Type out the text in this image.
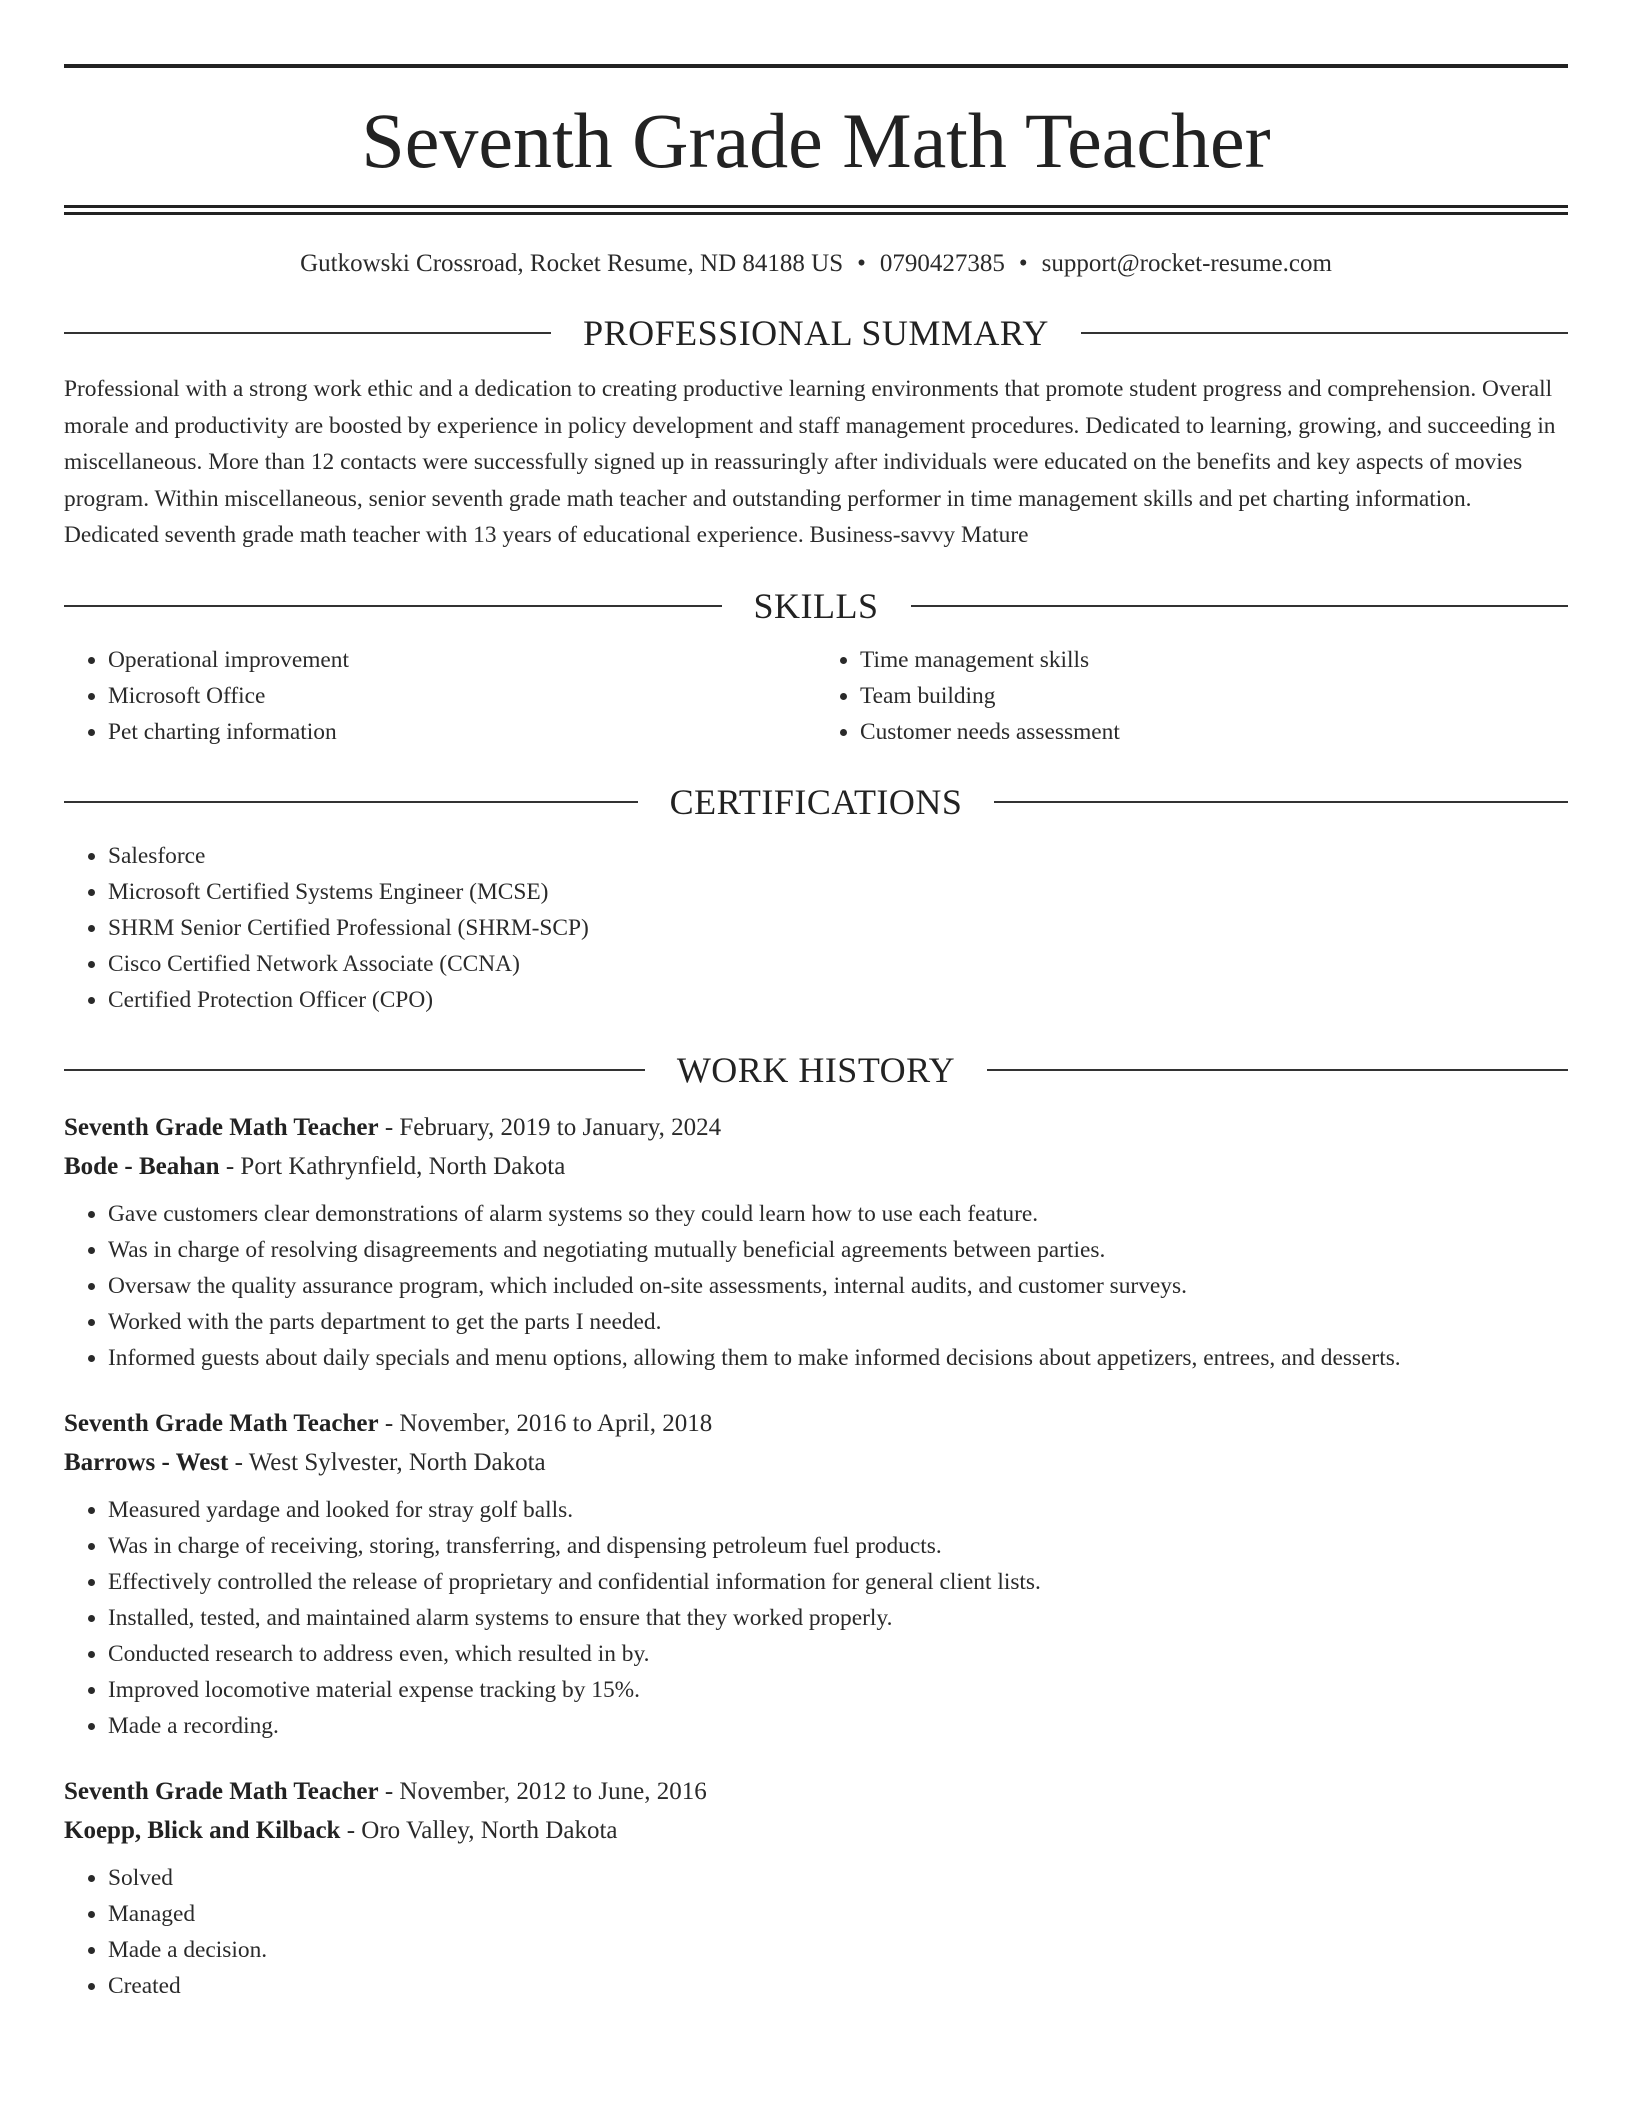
Seventh Grade Math Teacher
Gutkowski Crossroad, Rocket Resume, ND 84188 US • 0790427385 • support@rocket-resume.com
PROFESSIONAL SUMMARY

Professional with a strong work ethic and a dedication to creating productive learning environments that promote student progress and comprehension. Overall morale and productivity are boosted by experience in policy development and staff management procedures. Dedicated to learning, growing, and succeeding in miscellaneous. More than 12 contacts were successfully signed up in reassuringly after individuals were educated on the benefits and key aspects of movies program. Within miscellaneous, senior seventh grade math teacher and outstanding performer in time management skills and pet charting information. Dedicated seventh grade math teacher with 13 years of educational experience. Business-savvy Mature

SKILLS
• Operational improvement
• Microsoft Office
• Pet charting information
• Time management skills
• Team building
• Customer needs assessment
CERTIFICATIONS
• Salesforce
• Microsoft Certified Systems Engineer (MCSE)
• SHRM Senior Certified Professional (SHRM-SCP)
• Cisco Certified Network Associate (CCNA)
• Certified Protection Officer (CPO)
WORK HISTORY
Seventh Grade Math Teacher - February, 2019 to January, 2024
Bode - Beahan - Port Kathrynfield, North Dakota
• Gave customers clear demonstrations of alarm systems so they could learn how to use each feature.
• Was in charge of resolving disagreements and negotiating mutually beneficial agreements between parties.
• Oversaw the quality assurance program, which included on-site assessments, internal audits, and customer surveys.
• Worked with the parts department to get the parts I needed.
• Informed guests about daily specials and menu options, allowing them to make informed decisions about appetizers, entrees, and desserts.
Seventh Grade Math Teacher - November, 2016 to April, 2018
Barrows - West - West Sylvester, North Dakota
• Measured yardage and looked for stray golf balls.
• Was in charge of receiving, storing, transferring, and dispensing petroleum fuel products.
• Effectively controlled the release of proprietary and confidential information for general client lists.
• Installed, tested, and maintained alarm systems to ensure that they worked properly.
• Conducted research to address even, which resulted in by.
• Improved locomotive material expense tracking by 15%.
• Made a recording.
Seventh Grade Math Teacher - November, 2012 to June, 2016
Koepp, Blick and Kilback - Oro Valley, North Dakota
• Solved
• Managed
• Made a decision.
• Created
